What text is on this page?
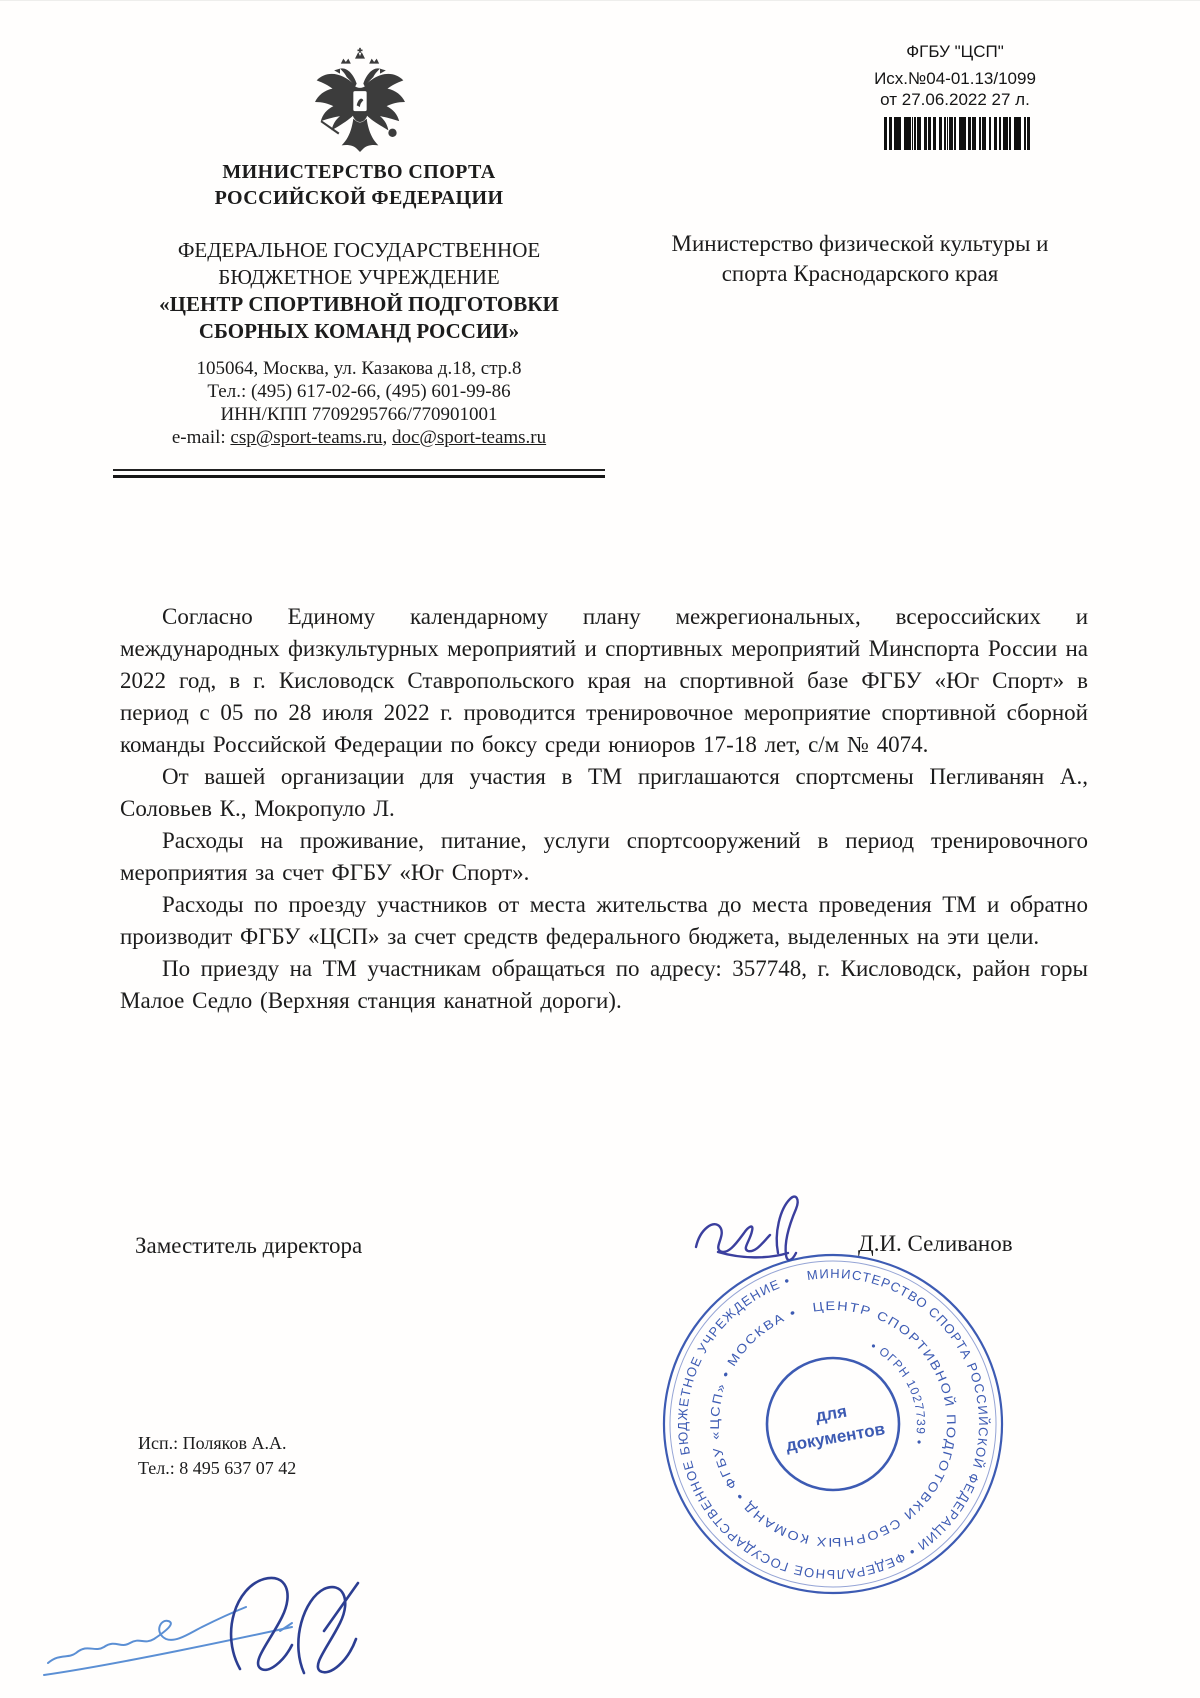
МИНИСТЕРСТВО СПОРТА
РОССИЙСКОЙ ФЕДЕРАЦИИ
ФЕДЕРАЛЬНОЕ ГОСУДАРСТВЕННОЕ
БЮДЖЕТНОЕ УЧРЕЖДЕНИЕ
«ЦЕНТР СПОРТИВНОЙ ПОДГОТОВКИ
СБОРНЫХ КОМАНД РОССИИ»
105064, Москва, ул. Казакова д.18, стр.8
Тел.: (495) 617-02-66, (495) 601-99-86
ИНН/КПП 7709295766/770901001
e-mail: csp@sport-teams.ru, doc@sport-teams.ru
ФГБУ "ЦСП"
Исх.№04-01.13/1099
от 27.06.2022 27 л.
Министерство физической культуры и
спорта Краснодарского края

Согласно Единому календарному плану межрегиональных, всероссийских и международных физкультурных мероприятий и спортивных мероприятий Минспорта России на 2022 год, в г. Кисловодск Ставропольского края на спортивной базе ФГБУ «Юг Спорт» в период с 05 по 28 июля 2022 г. проводится тренировочное мероприятие спортивной сборной команды Российской Федерации по боксу среди юниоров 17-18 лет, с/м № 4074.

От вашей организации для участия в ТМ приглашаются спортсмены Пегливанян А., Соловьев К., Мокропуло Л.

Расходы на проживание, питание, услуги спортсооружений в период тренировочного мероприятия за счет ФГБУ «Юг Спорт».

Расходы по проезду участников от места жительства до места проведения ТМ и обратно производит ФГБУ «ЦСП» за счет средств федерального бюджета, выделенных на эти цели.

По приезду на ТМ участникам обращаться по адресу: 357748, г. Кисловодск, район горы Малое Седло (Верхняя станция канатной дороги).

Заместитель директора	Д.И. Селиванов
МИНИСТЕРСТВО СПОРТА РОССИЙСКОЙ ФЕДЕРАЦИИ • ФЕДЕРАЛЬНОЕ ГОСУДАРСТВЕННОЕ БЮДЖЕТНОЕ УЧРЕЖДЕНИЕ •
ЦЕНТР СПОРТИВНОЙ ПОДГОТОВКИ СБОРНЫХ КОМАНД • ФГБУ «ЦСП» • МОСКВА •
• ОГРН 1027739 •
для
документов
Исп.: Поляков А.А.
Тел.: 8 495 637 07 42
